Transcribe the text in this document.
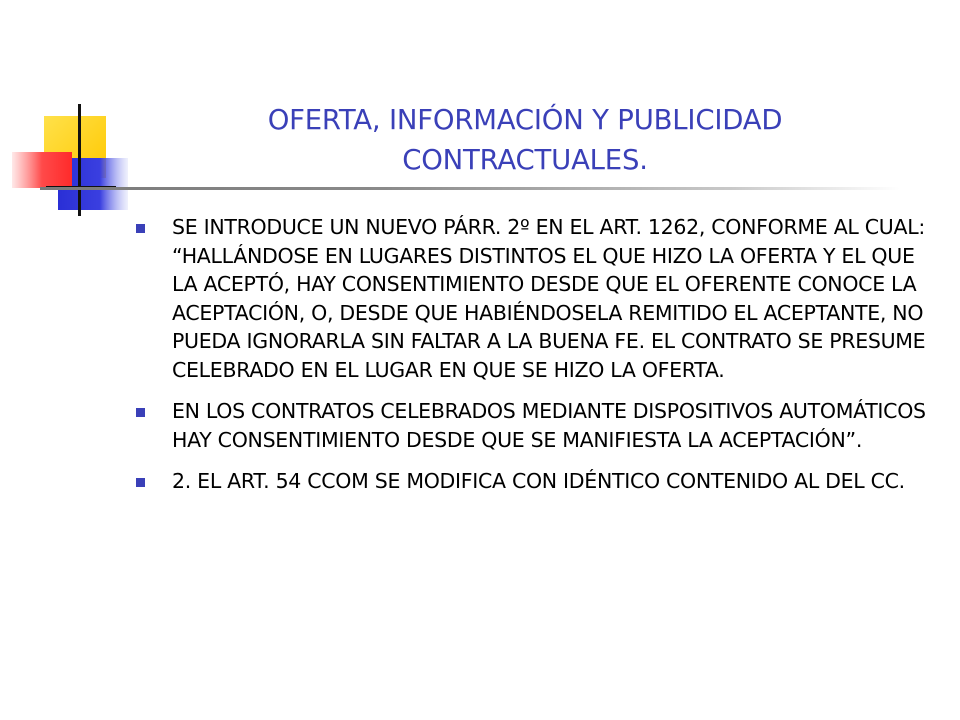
OFERTA, INFORMACIÓN Y PUBLICIDAD CONTRACTUALES.
SE INTRODUCE UN NUEVO PÁRR. 2º EN EL ART. 1262, CONFORME AL CUAL: “HALLÁNDOSE EN LUGARES DISTINTOS EL QUE HIZO LA OFERTA Y EL QUE LA ACEPTÓ, HAY CONSENTIMIENTO DESDE QUE EL OFERENTE CONOCE LA ACEPTACIÓN, O, DESDE QUE HABIÉNDOSELA REMITIDO EL ACEPTANTE, NO PUEDA IGNORARLA SIN FALTAR A LA BUENA FE. EL CONTRATO SE PRESUME CELEBRADO EN EL LUGAR EN QUE SE HIZO LA OFERTA.
EN LOS CONTRATOS CELEBRADOS MEDIANTE DISPOSITIVOS AUTOMÁTICOS HAY CONSENTIMIENTO DESDE QUE SE MANIFIESTA LA ACEPTACIÓN”.
2. EL ART. 54 CCOM SE MODIFICA CON IDÉNTICO CONTENIDO AL DEL CC.
